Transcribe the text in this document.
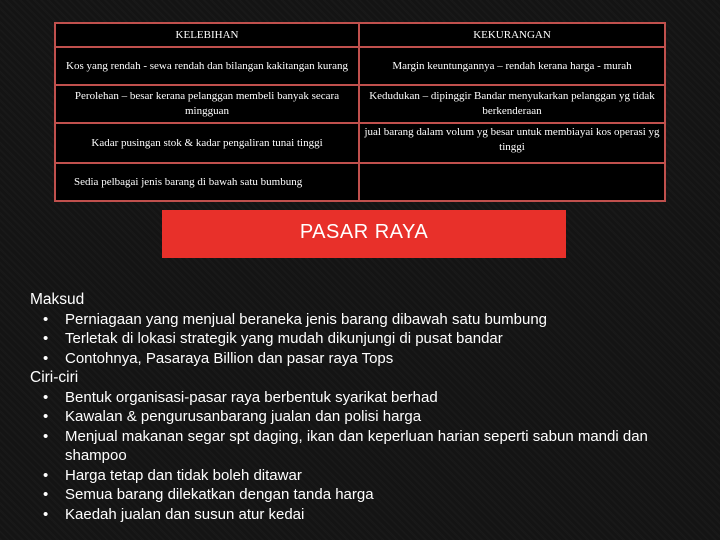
KELEBIHAN	KEKURANGAN
Kos yang rendah - sewa rendah dan bilangan kakitangan kurang	Margin keuntungannya – rendah kerana harga - murah
Perolehan – besar kerana pelanggan membeli banyak secara mingguan	Kedudukan – dipinggir Bandar menyukarkan pelanggan yg tidak berkenderaan
Kadar pusingan stok & kadar pengaliran tunai tinggi	jual barang dalam volum yg besar untuk membiayai kos operasi yg tinggi
Sedia pelbagai jenis barang di bawah satu bumbung	
PASAR RAYA

Maksud

• Perniagaan yang menjual beraneka jenis barang dibawah satu bumbung
• Terletak di lokasi strategik yang mudah dikunjungi di pusat bandar
• Contohnya, Pasaraya Billion dan pasar raya Tops

Ciri-ciri

• Bentuk organisasi-pasar raya berbentuk syarikat berhad
• Kawalan & pengurusanbarang jualan dan polisi harga
• Menjual makanan segar spt daging, ikan dan keperluan harian seperti sabun mandi dan shampoo
• Harga tetap dan tidak boleh ditawar
• Semua barang dilekatkan dengan tanda harga
• Kaedah jualan dan susun atur kedai
